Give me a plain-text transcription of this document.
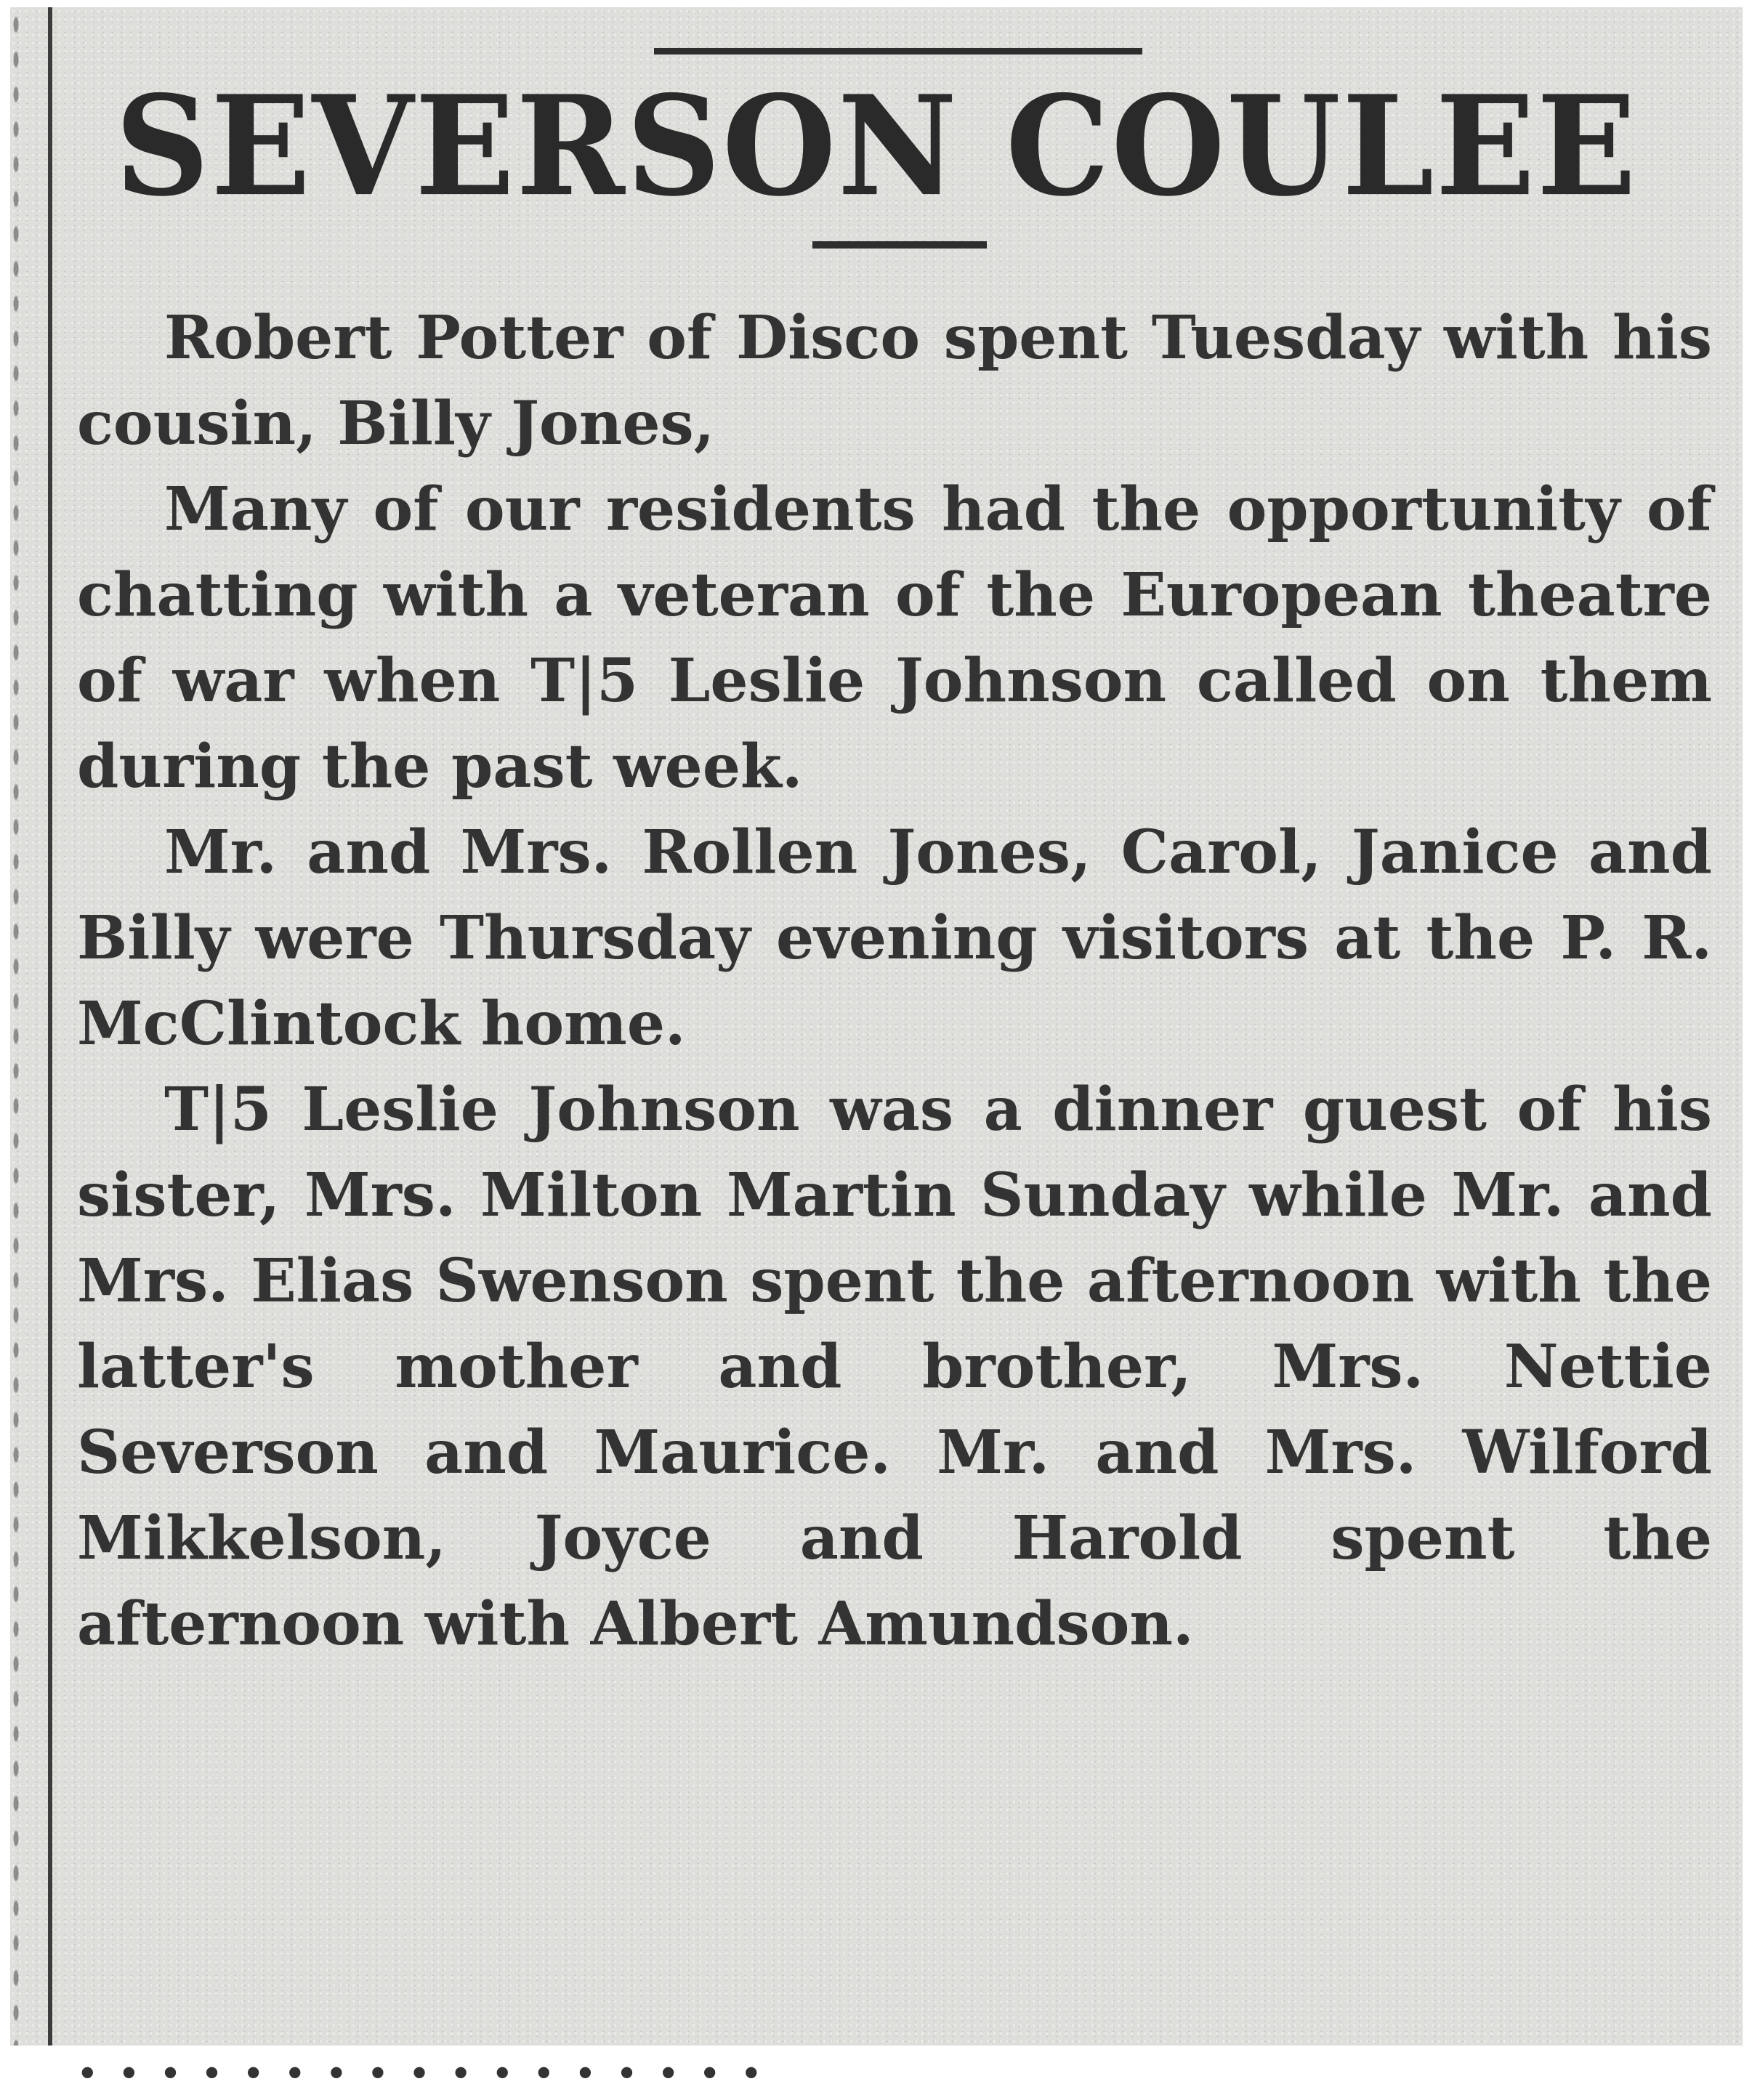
SEVERSON COULEE

Robert Potter of Disco spent Tuesday with his cousin, Billy Jones,

Many of our residents had the opportunity of chatting with a veteran of the European theatre of war when T|5 Leslie Johnson called on them during the past week.

Mr. and Mrs. Rollen Jones, Carol, Janice and Billy were Thursday evening visitors at the P. R. McClintock home.

T|5 Leslie Johnson was a dinner guest of his sister, Mrs. Milton Martin Sunday while Mr. and Mrs. Elias Swenson spent the afternoon with the latter's mother and brother, Mrs. Nettie Severson and Maurice. Mr. and Mrs. Wilford Mikkelson, Joyce and Harold spent the afternoon with Albert Amundson.

. . . . . . . . . . . . . . . . .
